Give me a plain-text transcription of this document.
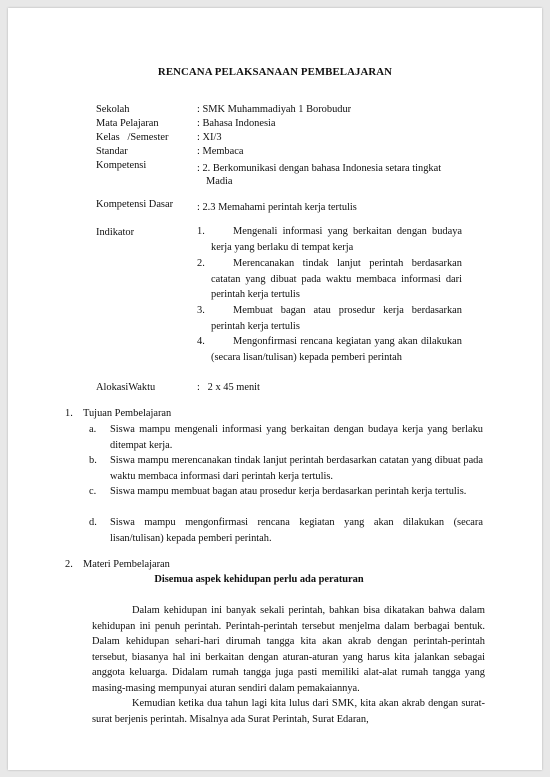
RENCANA PELAKSANAAN PEMBELAJARAN
Sekolah	: SMK Muhammadiyah 1 Borobudur
Mata Pelajaran	: Bahasa Indonesia
Kelas   /Semester	: XI/3
Standar	: Membaca
Kompetensi	: 2. Berkomunikasi dengan bahasa Indonesia setara tingkat
Madia
Kompetensi Dasar : 2.3 Memahami perintah kerja tertulis
Indikator	1.	Mengenali informasi yang berkaitan dengan budaya kerja yang berlaku di tempat kerja
2.	Merencanakan tindak lanjut perintah berdasarkan catatan yang dibuat pada waktu membaca informasi dari perintah kerja tertulis
3.	Membuat bagan atau prosedur kerja berdasarkan perintah kerja tertulis
4.	Mengonfirmasi rencana kegiatan yang akan dilakukan (secara lisan/tulisan) kepada pemberi perintah
AlokasiWaktu	:   2 x 45 menit
1. Tujuan Pembelajaran
a. Siswa mampu mengenali informasi yang berkaitan dengan budaya kerja yang berlaku ditempat kerja.
b. Siswa mampu merencanakan tindak lanjut perintah berdasarkan catatan yang dibuat pada waktu membaca informasi dari perintah kerja tertulis.
c. Siswa mampu membuat bagan atau prosedur kerja berdasarkan perintah kerja tertulis.
d. Siswa mampu mengonfirmasi rencana kegiatan yang akan dilakukan (secara lisan/tulisan) kepada pemberi perintah.
2. Materi Pembelajaran
Disemua aspek kehidupan perlu ada peraturan
Dalam kehidupan ini banyak sekali perintah, bahkan bisa dikatakan bahwa dalam kehidupan ini penuh perintah. Perintah-perintah tersebut menjelma dalam berbagai bentuk. Dalam kehidupan sehari-hari dirumah tangga kita akan akrab dengan perintah-perintah tersebut, biasanya hal ini berkaitan dengan aturan-aturan yang harus kita jalankan sebagai anggota keluarga. Didalam rumah tangga juga pasti memiliki alat-alat rumah tangga yang masing-masing mempunyai aturan sendiri dalam pemakaiannya.
Kemudian ketika dua tahun lagi kita lulus dari SMK, kita akan akrab dengan surat-surat berjenis perintah. Misalnya ada Surat Perintah, Surat Edaran,
